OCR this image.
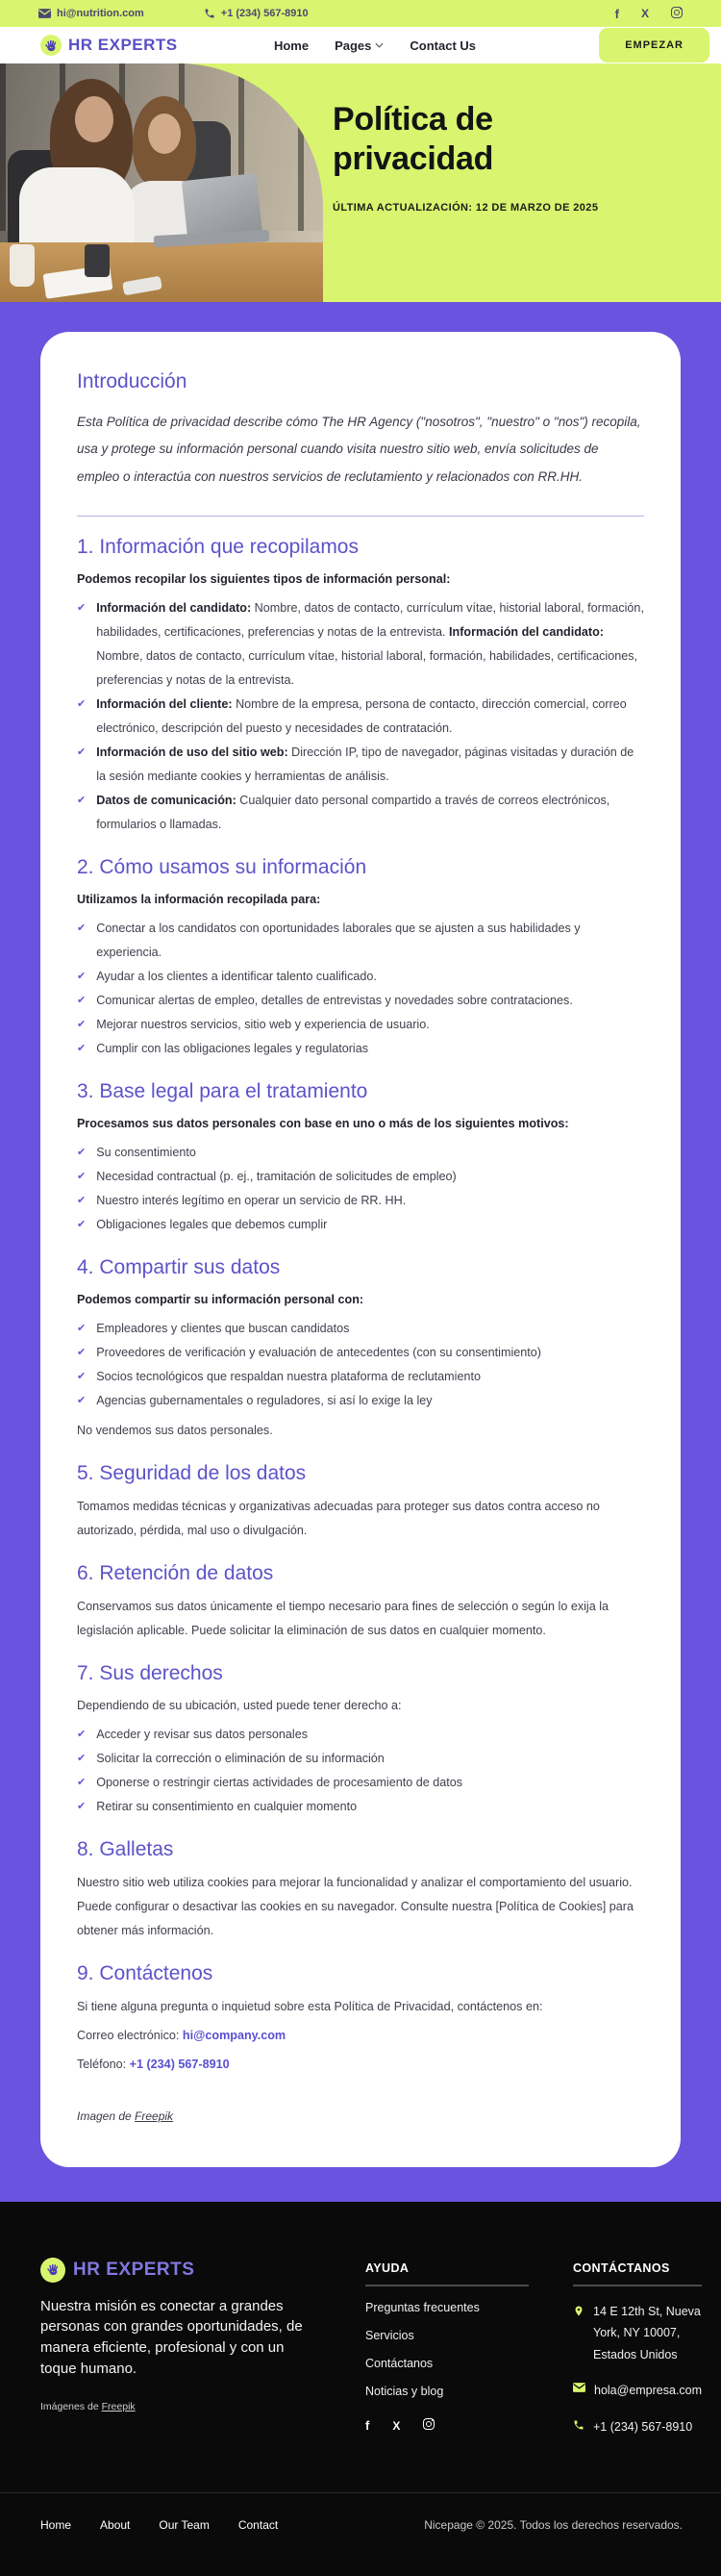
hi@nutrition.com	+1 (234) 567-8910	f X
HR EXPERTS	Home Pages	Contact Us	EMPEZAR
Política de
privacidad
ÚLTIMA ACTUALIZACIÓN: 12 DE MARZO DE 2025
Introducción

Esta Política de privacidad describe cómo The HR Agency ("nosotros", "nuestro" o "nos") recopila, usa y protege su información personal cuando visita nuestro sitio web, envía solicitudes de empleo o interactúa con nuestros servicios de reclutamiento y relacionados con RR.HH.

1. Información que recopilamos

Podemos recopilar los siguientes tipos de información personal:

✔ Información del candidato: Nombre, datos de contacto, currículum vítae, historial laboral, formación, habilidades, certificaciones, preferencias y notas de la entrevista. Información del candidato: Nombre, datos de contacto, currículum vítae, historial laboral, formación, habilidades, certificaciones, preferencias y notas de la entrevista.
✔ Información del cliente: Nombre de la empresa, persona de contacto, dirección comercial, correo electrónico, descripción del puesto y necesidades de contratación.
✔ Información de uso del sitio web: Dirección IP, tipo de navegador, páginas visitadas y duración de la sesión mediante cookies y herramientas de análisis.
✔ Datos de comunicación: Cualquier dato personal compartido a través de correos electrónicos, formularios o llamadas.
2. Cómo usamos su información

Utilizamos la información recopilada para:

✔ Conectar a los candidatos con oportunidades laborales que se ajusten a sus habilidades y experiencia.
✔ Ayudar a los clientes a identificar talento cualificado.
✔ Comunicar alertas de empleo, detalles de entrevistas y novedades sobre contrataciones.
✔ Mejorar nuestros servicios, sitio web y experiencia de usuario.
✔ Cumplir con las obligaciones legales y regulatorias
3. Base legal para el tratamiento

Procesamos sus datos personales con base en uno o más de los siguientes motivos:

✔ Su consentimiento
✔ Necesidad contractual (p. ej., tramitación de solicitudes de empleo)
✔ Nuestro interés legítimo en operar un servicio de RR. HH.
✔ Obligaciones legales que debemos cumplir
4. Compartir sus datos

Podemos compartir su información personal con:

✔ Empleadores y clientes que buscan candidatos
✔ Proveedores de verificación y evaluación de antecedentes (con su consentimiento)
✔ Socios tecnológicos que respaldan nuestra plataforma de reclutamiento
✔ Agencias gubernamentales o reguladores, si así lo exige la ley

No vendemos sus datos personales.

5. Seguridad de los datos

Tomamos medidas técnicas y organizativas adecuadas para proteger sus datos contra acceso no autorizado, pérdida, mal uso o divulgación.

6. Retención de datos

Conservamos sus datos únicamente el tiempo necesario para fines de selección o según lo exija la legislación aplicable. Puede solicitar la eliminación de sus datos en cualquier momento.

7. Sus derechos

Dependiendo de su ubicación, usted puede tener derecho a:

✔ Acceder y revisar sus datos personales
✔ Solicitar la corrección o eliminación de su información
✔ Oponerse o restringir ciertas actividades de procesamiento de datos
✔ Retirar su consentimiento en cualquier momento
8. Galletas

Nuestro sitio web utiliza cookies para mejorar la funcionalidad y analizar el comportamiento del usuario. Puede configurar o desactivar las cookies en su navegador. Consulte nuestra [Política de Cookies] para obtener más información.

9. Contáctenos

Si tiene alguna pregunta o inquietud sobre esta Política de Privacidad, contáctenos en:

Correo electrónico: hi@company.com

Teléfono: +1 (234) 567-8910

Imagen de Freepik

HR EXPERTS

Nuestra misión es conectar a grandes personas con grandes oportunidades, de manera eficiente, profesional y con un toque humano.

Imágenes de Freepik

AYUDA
Preguntas frecuentes
Servicios
Contáctanos
Noticias y blog
f X
CONTÁCTANOS
14 E 12th St, Nueva York, NY 10007, Estados Unidos
hola@empresa.com
+1 (234) 567-8910
Home	About	Our Team	Contact	Nicepage © 2025. Todos los derechos reservados.
